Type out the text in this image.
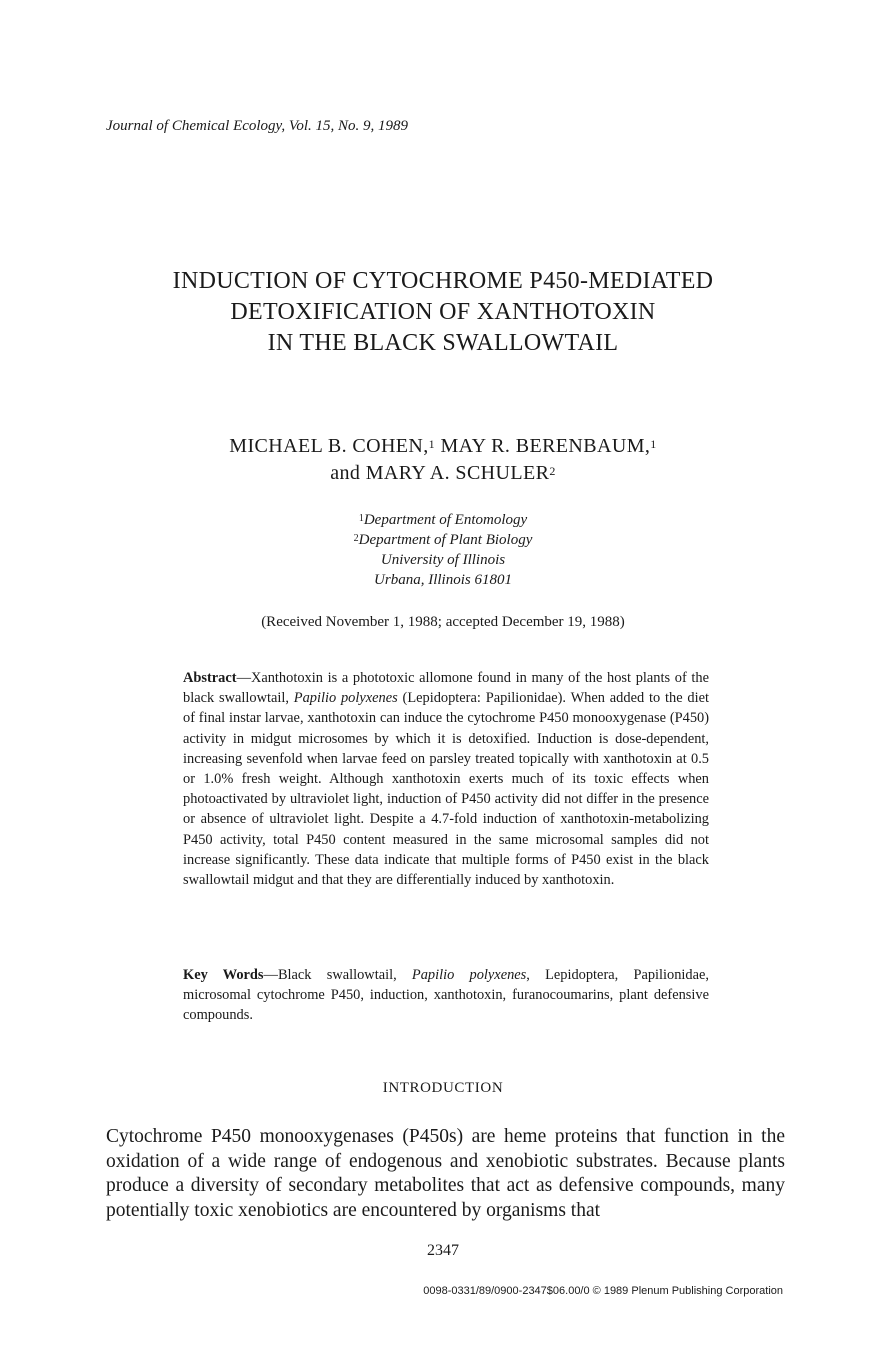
Journal of Chemical Ecology, Vol. 15, No. 9, 1989
INDUCTION OF CYTOCHROME P450-MEDIATED
DETOXIFICATION OF XANTHOTOXIN
IN THE BLACK SWALLOWTAIL
MICHAEL B. COHEN,$^1$ MAY R. BERENBAUM,$^1$
and MARY A. SCHULER$^2$
$^1$Department of Entomology
$^2$Department of Plant Biology
University of Illinois
Urbana, Illinois 61801
(Received November 1, 1988; accepted December 19, 1988)
Abstract—Xanthotoxin is a phototoxic allomone found in many of the host plants of the black swallowtail, Papilio polyxenes (Lepidoptera: Papilionidae). When added to the diet of final instar larvae, xanthotoxin can induce the cytochrome P450 monooxygenase (P450) activity in midgut microsomes by which it is detoxified. Induction is dose-dependent, increasing sevenfold when larvae feed on parsley treated topically with xanthotoxin at 0.5 or 1.0% fresh weight. Although xanthotoxin exerts much of its toxic effects when photoactivated by ultraviolet light, induction of P450 activity did not differ in the presence or absence of ultraviolet light. Despite a 4.7-fold induction of xanthotoxin-metabolizing P450 activity, total P450 content measured in the same microsomal samples did not increase significantly. These data indicate that multiple forms of P450 exist in the black swallowtail midgut and that they are differentially induced by xanthotoxin.
Key Words—Black swallowtail, Papilio polyxenes, Lepidoptera, Papilionidae, microsomal cytochrome P450, induction, xanthotoxin, furanocoumarins, plant defensive compounds.
INTRODUCTION
Cytochrome P450 monooxygenases (P450s) are heme proteins that function in the oxidation of a wide range of endogenous and xenobiotic substrates. Because plants produce a diversity of secondary metabolites that act as defensive compounds, many potentially toxic xenobiotics are encountered by organisms that
2347
0098-0331/89/0900-2347$06.00/0 © 1989 Plenum Publishing Corporation
